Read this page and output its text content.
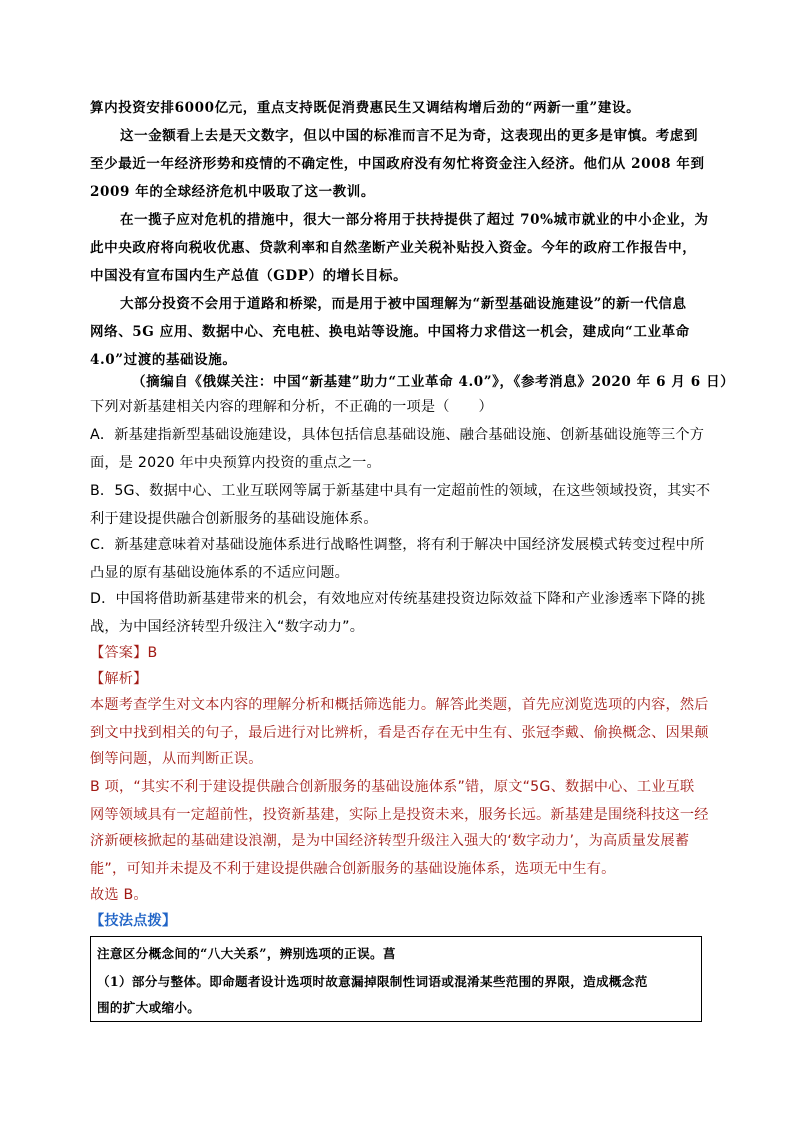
算内投资安排6000亿元，重点支持既促消费惠民生又调结构增后劲的“两新一重”建设。
这一金额看上去是天文数字，但以中国的标准而言不足为奇，这表现出的更多是审慎。考虑到
至少最近一年经济形势和疫情的不确定性，中国政府没有匆忙将资金注入经济。他们从 2008 年到
2009 年的全球经济危机中吸取了这一教训。
在一揽子应对危机的措施中，很大一部分将用于扶持提供了超过 70%城市就业的中小企业，为
此中央政府将向税收优惠、贷款利率和自然垄断产业关税补贴投入资金。今年的政府工作报告中，
中国没有宣布国内生产总值（GDP）的增长目标。
大部分投资不会用于道路和桥梁，而是用于被中国理解为“新型基础设施建设”的新一代信息
网络、5G 应用、数据中心、充电桩、换电站等设施。中国将力求借这一机会，建成向“工业革命
4.0”过渡的基础设施。
（摘编自《俄媒关注：中国“新基建”助力“工业革命 4.0”》，《参考消息》2020 年 6 月 6 日）
下列对新基建相关内容的理解和分析，不正确的一项是（　　）
A．新基建指新型基础设施建设，具体包括信息基础设施、融合基础设施、创新基础设施等三个方
面，是 2020 年中央预算内投资的重点之一。
B．5G、数据中心、工业互联网等属于新基建中具有一定超前性的领域，在这些领域投资，其实不
利于建设提供融合创新服务的基础设施体系。
C．新基建意味着对基础设施体系进行战略性调整，将有利于解决中国经济发展模式转变过程中所
凸显的原有基础设施体系的不适应问题。
D．中国将借助新基建带来的机会，有效地应对传统基建投资边际效益下降和产业渗透率下降的挑
战，为中国经济转型升级注入“数字动力”。
【答案】B
【解析】
本题考查学生对文本内容的理解分析和概括筛选能力。解答此类题，首先应浏览选项的内容，然后
到文中找到相关的句子，最后进行对比辨析，看是否存在无中生有、张冠李戴、偷换概念、因果颠
倒等问题，从而判断正误。
B 项，“其实不利于建设提供融合创新服务的基础设施体系”错，原文“5G、数据中心、工业互联
网等领域具有一定超前性，投资新基建，实际上是投资未来，服务长远。新基建是围绕科技这一经
济新硬核掀起的基础建设浪潮，是为中国经济转型升级注入强大的‘数字动力’，为高质量发展蓄
能”，可知并未提及不利于建设提供融合创新服务的基础设施体系，选项无中生有。
故选 B。
【技法点拨】
注意区分概念间的“八大关系”，辨别选项的正误。菖
（1）部分与整体。即命题者设计选项时故意漏掉限制性词语或混淆某些范围的界限，造成概念范
围的扩大或缩小。
